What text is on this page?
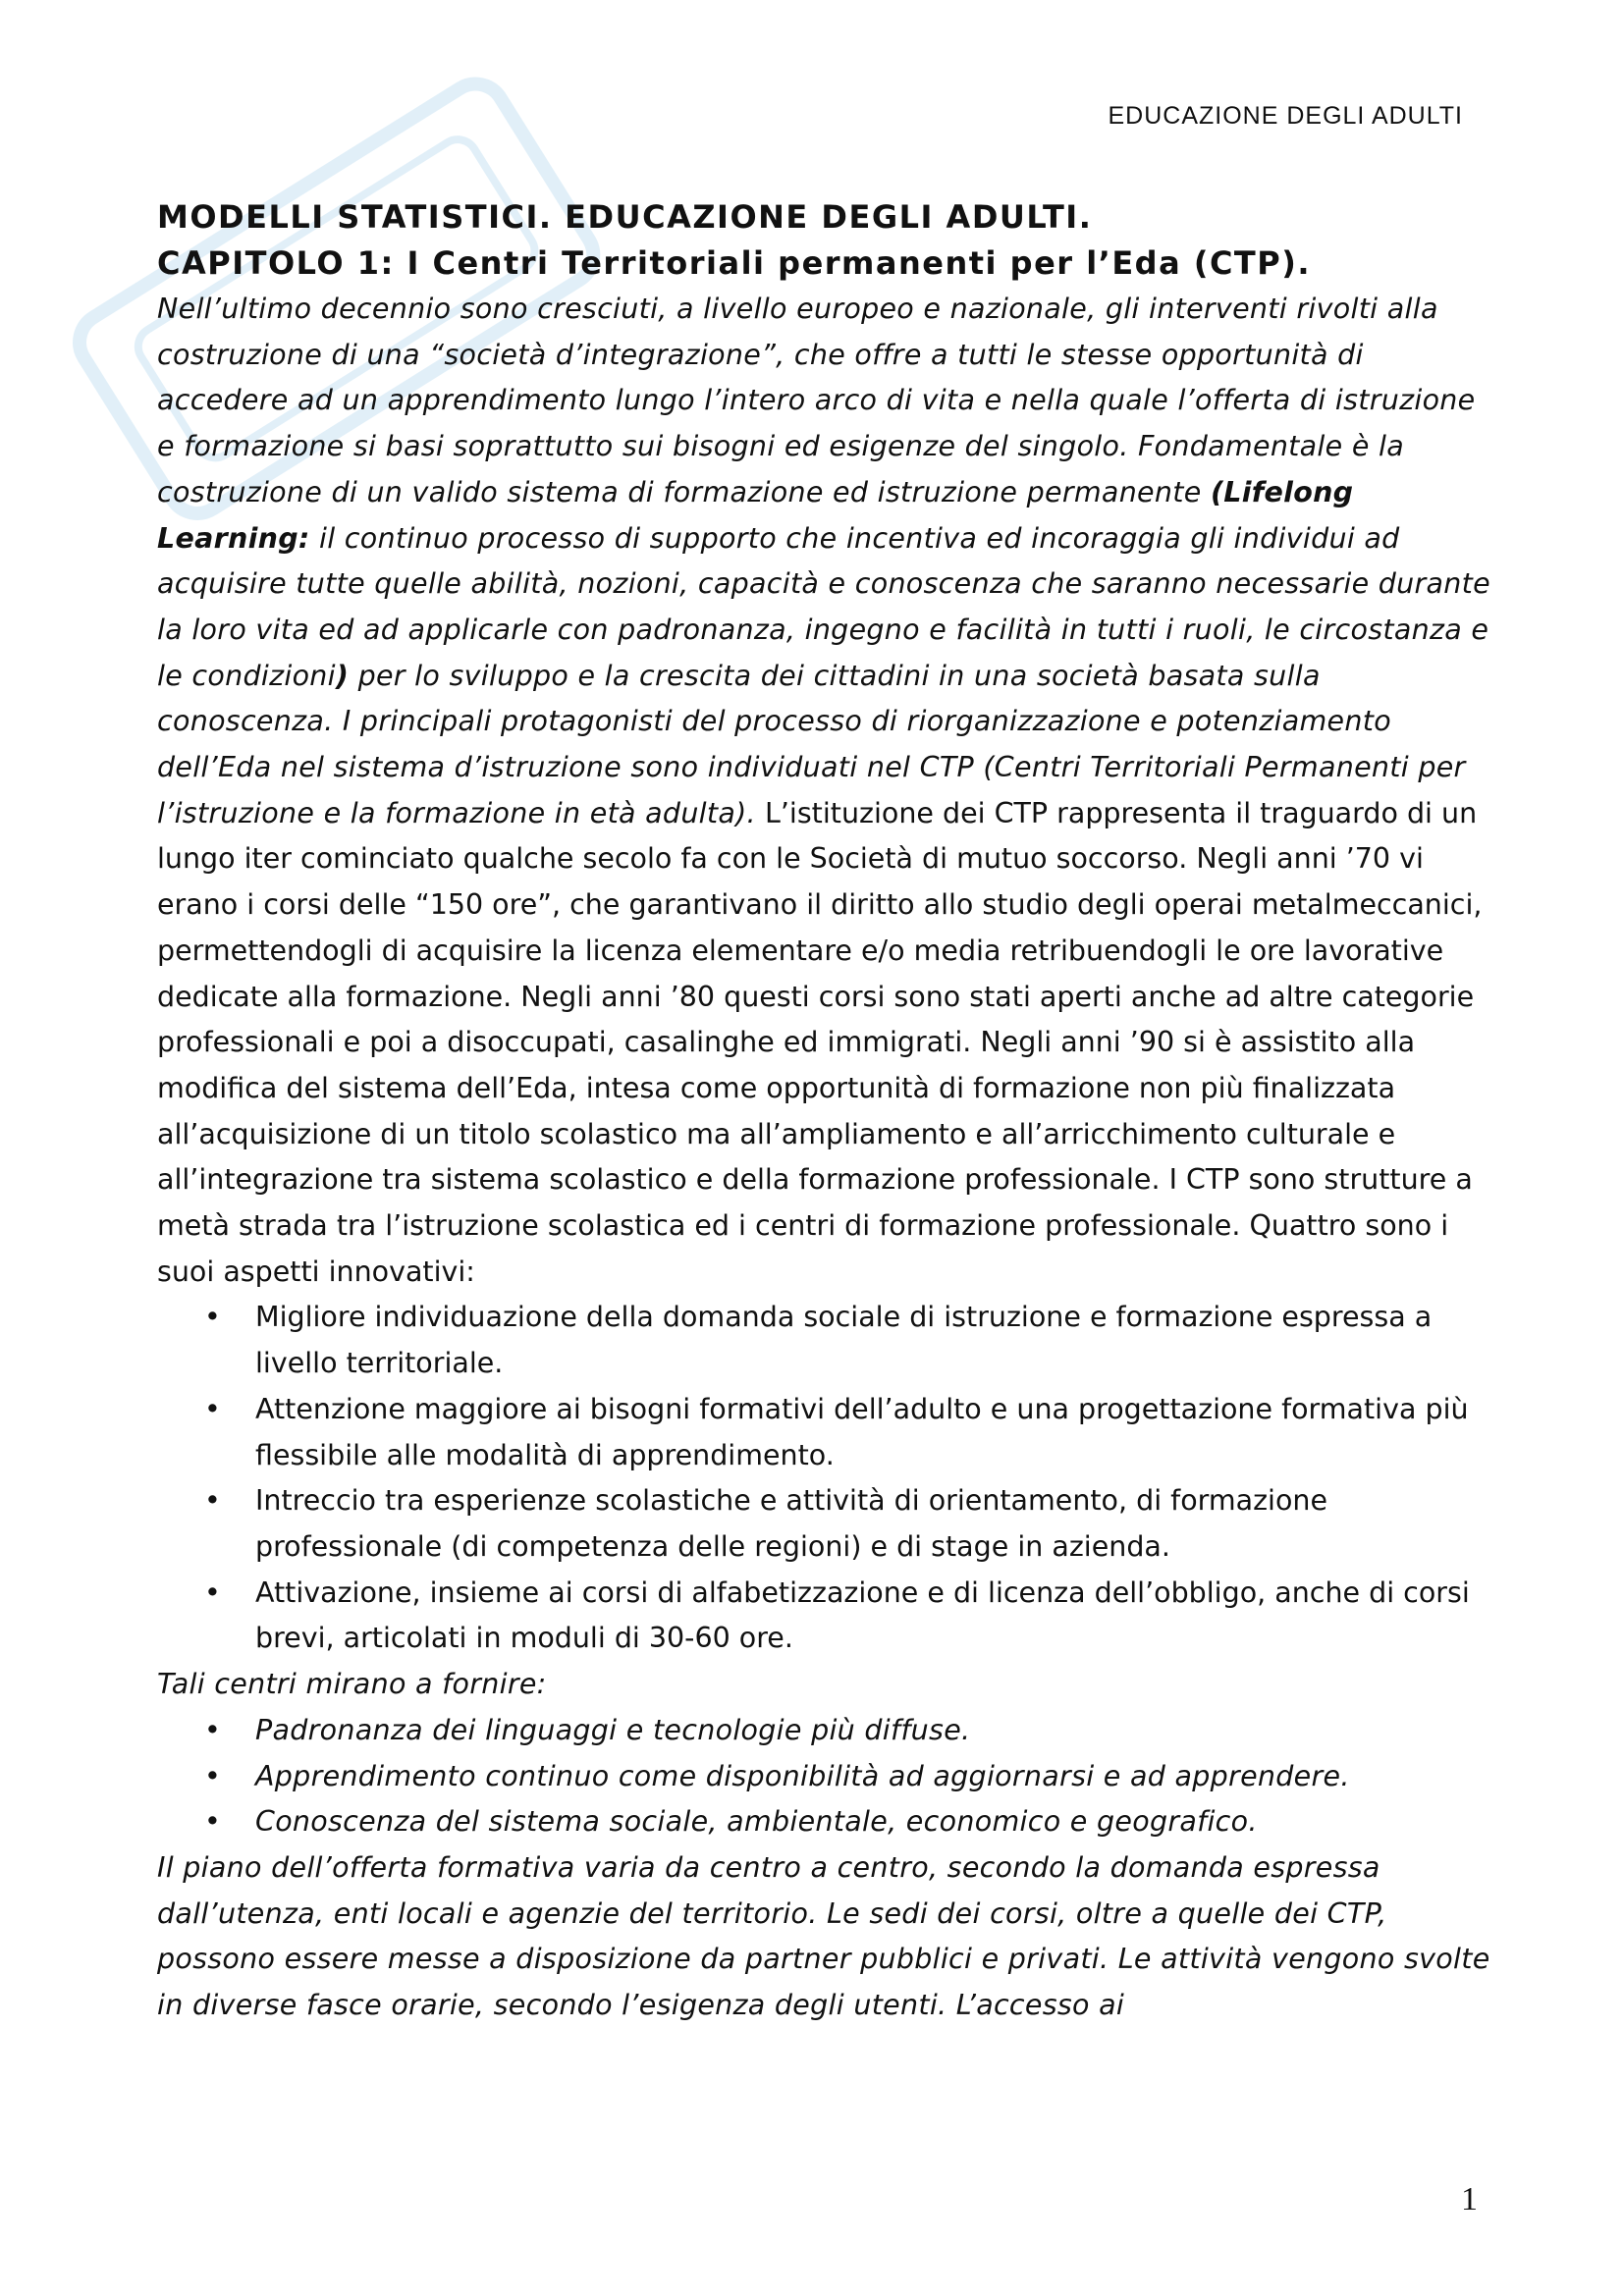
EDUCAZIONE DEGLI ADULTI

MODELLI STATISTICI. EDUCAZIONE DEGLI ADULTI.

CAPITOLO 1: I Centri Territoriali permanenti per l’Eda (CTP).

Nell’ultimo decennio sono cresciuti, a livello europeo e nazionale, gli interventi rivolti alla costruzione di una “società d’integrazione”, che offre a tutti le stesse opportunità di accedere ad un apprendimento lungo l’intero arco di vita e nella quale l’offerta di istruzione e formazione si basi soprattutto sui bisogni ed esigenze del singolo. Fondamentale è la costruzione di un valido sistema di formazione ed istruzione permanente (Lifelong Learning: il continuo processo di supporto che incentiva ed incoraggia gli individui ad acquisire tutte quelle abilità, nozioni, capacità e conoscenza che saranno necessarie durante la loro vita ed ad applicarle con padronanza, ingegno e facilità in tutti i ruoli, le circostanza e le condizioni) per lo sviluppo e la crescita dei cittadini in una società basata sulla conoscenza. I principali protagonisti del processo di riorganizzazione e potenziamento dell’Eda nel sistema d’istruzione sono individuati nel CTP (Centri Territoriali Permanenti per l’istruzione e la formazione in età adulta). L’istituzione dei CTP rappresenta il traguardo di un lungo iter cominciato qualche secolo fa con le Società di mutuo soccorso. Negli anni ’70 vi erano i corsi delle “150 ore”, che garantivano il diritto allo studio degli operai metalmeccanici, permettendogli di acquisire la licenza elementare e/o media retribuendogli le ore lavorative dedicate alla formazione. Negli anni ’80 questi corsi sono stati aperti anche ad altre categorie professionali e poi a disoccupati, casalinghe ed immigrati. Negli anni ’90 si è assistito alla modifica del sistema dell’Eda, intesa come opportunità di formazione non più finalizzata all’acquisizione di un titolo scolastico ma all’ampliamento e all’arricchimento culturale e all’integrazione tra sistema scolastico e della formazione professionale. I CTP sono strutture a metà strada tra l’istruzione scolastica ed i centri di formazione professionale. Quattro sono i suoi aspetti innovativi:

• Migliore individuazione della domanda sociale di istruzione e formazione espressa a livello territoriale.
• Attenzione maggiore ai bisogni formativi dell’adulto e una progettazione formativa più flessibile alle modalità di apprendimento.
• Intreccio tra esperienze scolastiche e attività di orientamento, di formazione professionale (di competenza delle regioni) e di stage in azienda.
• Attivazione, insieme ai corsi di alfabetizzazione e di licenza dell’obbligo, anche di corsi brevi, articolati in moduli di 30-60 ore.

Tali centri mirano a fornire:

• Padronanza dei linguaggi e tecnologie più diffuse.
• Apprendimento continuo come disponibilità ad aggiornarsi e ad apprendere.
• Conoscenza del sistema sociale, ambientale, economico e geografico.

Il piano dell’offerta formativa varia da centro a centro, secondo la domanda espressa dall’utenza, enti locali e agenzie del territorio. Le sedi dei corsi, oltre a quelle dei CTP, possono essere messe a disposizione da partner pubblici e privati. Le attività vengono svolte in diverse fasce orarie, secondo l’esigenza degli utenti. L’accesso ai

1
